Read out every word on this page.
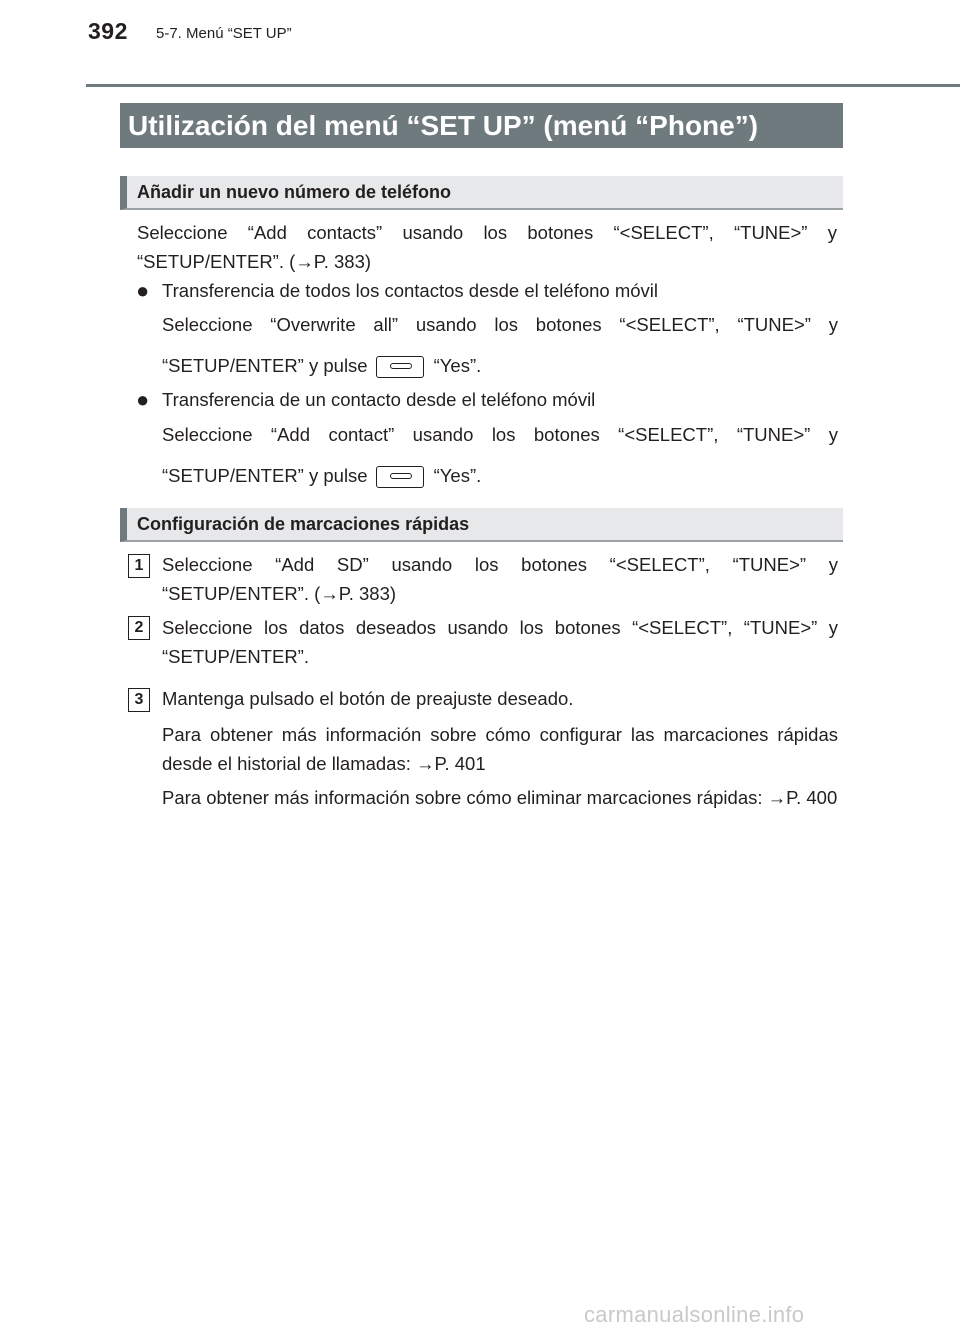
392 5-7. Menú “SET UP”
Utilización del menú “SET UP” (menú “Phone”)
Añadir un nuevo número de teléfono
Seleccione “Add contacts” usando los botones “<SELECT”, “TUNE>” y “SETUP/ENTER”. (→P. 383)
● Transferencia de todos los contactos desde el teléfono móvil
Seleccione “Overwrite all” usando los botones “<SELECT”, “TUNE>” y
“SETUP/ENTER” y pulse	“Yes”.
● Transferencia de un contacto desde el teléfono móvil
Seleccione “Add contact” usando los botones “<SELECT”, “TUNE>” y
“SETUP/ENTER” y pulse	“Yes”.
Configuración de marcaciones rápidas
1	Seleccione “Add SD” usando los botones “<SELECT”, “TUNE>” y “SETUP/ENTER”. (→P. 383)
2	Seleccione los datos deseados usando los botones “<SELECT”, “TUNE>” y “SETUP/ENTER”.
3	Mantenga pulsado el botón de preajuste deseado.
Para obtener más información sobre cómo configurar las marcaciones rápidas desde el historial de llamadas: →P. 401
Para obtener más información sobre cómo eliminar marcaciones rápidas: →P. 400
carmanualsonline.info
